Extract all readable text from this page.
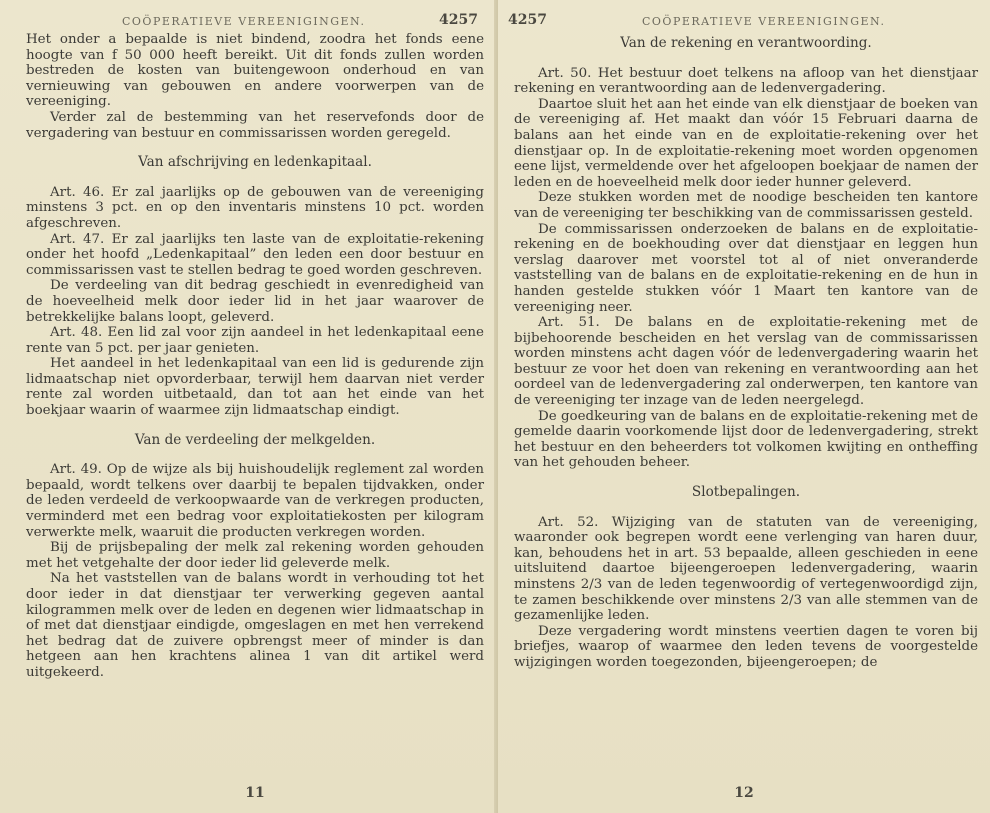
COÖPERATIEVE VEREENIGINGEN.	4257

Het onder a bepaalde is niet bindend, zoodra het fonds eene hoogte van f 50 000 heeft bereikt. Uit dit fonds zullen worden bestreden de kosten van buitengewoon onderhoud en van vernieuwing van gebouwen en andere voorwerpen van de vereeniging.

Verder zal de bestemming van het reservefonds door de vergadering van bestuur en commissarissen worden geregeld.

Van afschrijving en ledenkapitaal.

Art. 46. Er zal jaarlijks op de gebouwen van de vereeniging minstens 3 pct. en op den inventaris minstens 10 pct. worden afgeschreven.

Art. 47. Er zal jaarlijks ten laste van de exploitatie-rekening onder het hoofd „Ledenkapitaal” den leden een door bestuur en commissarissen vast te stellen bedrag te goed worden geschreven.

De verdeeling van dit bedrag geschiedt in evenredigheid van de hoeveelheid melk door ieder lid in het jaar waarover de betrekkelijke balans loopt, geleverd.

Art. 48. Een lid zal voor zijn aandeel in het ledenkapitaal eene rente van 5 pct. per jaar genieten.

Het aandeel in het ledenkapitaal van een lid is gedurende zijn lidmaatschap niet opvorderbaar, terwijl hem daarvan niet verder rente zal worden uitbetaald, dan tot aan het einde van het boekjaar waarin of waarmee zijn lidmaatschap eindigt.

Van de verdeeling der melkgelden.

Art. 49. Op de wijze als bij huishoudelijk reglement zal worden bepaald, wordt telkens over daarbij te bepalen tijdvakken, onder de leden verdeeld de verkoopwaarde van de verkregen producten, verminderd met een bedrag voor exploitatiekosten per kilogram verwerkte melk, waaruit die producten verkregen worden.

Bij de prijsbepaling der melk zal rekening worden gehouden met het vetgehalte der door ieder lid geleverde melk.

Na het vaststellen van de balans wordt in verhouding tot het door ieder in dat dienstjaar ter verwerking gegeven aantal kilogrammen melk over de leden en degenen wier lidmaatschap in of met dat dienstjaar eindigde, omgeslagen en met hen verrekend het bedrag dat de zuivere opbrengst meer of minder is dan hetgeen aan hen krachtens alinea 1 van dit artikel werd uitgekeerd.

11
4257	COÖPERATIEVE VEREENIGINGEN.
Van de rekening en verantwoording.

Art. 50. Het bestuur doet telkens na afloop van het dienstjaar rekening en verantwoording aan de ledenvergadering.

Daartoe sluit het aan het einde van elk dienstjaar de boeken van de vereeniging af. Het maakt dan vóór 15 Februari daarna de balans aan het einde van en de exploitatie-rekening over het dienstjaar op. In de exploitatie-rekening moet worden opgenomen eene lijst, vermeldende over het afgeloopen boekjaar de namen der leden en de hoeveelheid melk door ieder hunner geleverd.

Deze stukken worden met de noodige bescheiden ten kantore van de vereeniging ter beschikking van de commissarissen gesteld.

De commissarissen onderzoeken de balans en de exploitatie-rekening en de boekhouding over dat dienstjaar en leggen hun verslag daarover met voorstel tot al of niet onveranderde vaststelling van de balans en de exploitatie-rekening en de hun in handen gestelde stukken vóór 1 Maart ten kantore van de vereeniging neer.

Art. 51. De balans en de exploitatie-rekening met de bijbehoorende bescheiden en het verslag van de commissarissen worden minstens acht dagen vóór de ledenvergadering waarin het bestuur ze voor het doen van rekening en verantwoording aan het oordeel van de ledenvergadering zal onderwerpen, ten kantore van de vereeniging ter inzage van de leden neergelegd.

De goedkeuring van de balans en de exploitatie-rekening met de gemelde daarin voorkomende lijst door de ledenvergadering, strekt het bestuur en den beheerders tot volkomen kwijting en ontheffing van het gehouden beheer.

Slotbepalingen.

Art. 52. Wijziging van de statuten van de vereeniging, waaronder ook begrepen wordt eene verlenging van haren duur, kan, behoudens het in art. 53 bepaalde, alleen geschieden in eene uitsluitend daartoe bijeengeroepen ledenvergadering, waarin minstens 2/3 van de leden tegenwoordig of vertegenwoordigd zijn, te zamen beschikkende over minstens 2/3 van alle stemmen van de gezamenlijke leden.

Deze vergadering wordt minstens veertien dagen te voren bij briefjes, waarop of waarmee den leden tevens de voorgestelde wijzigingen worden toegezonden, bijeengeroepen; de

12
